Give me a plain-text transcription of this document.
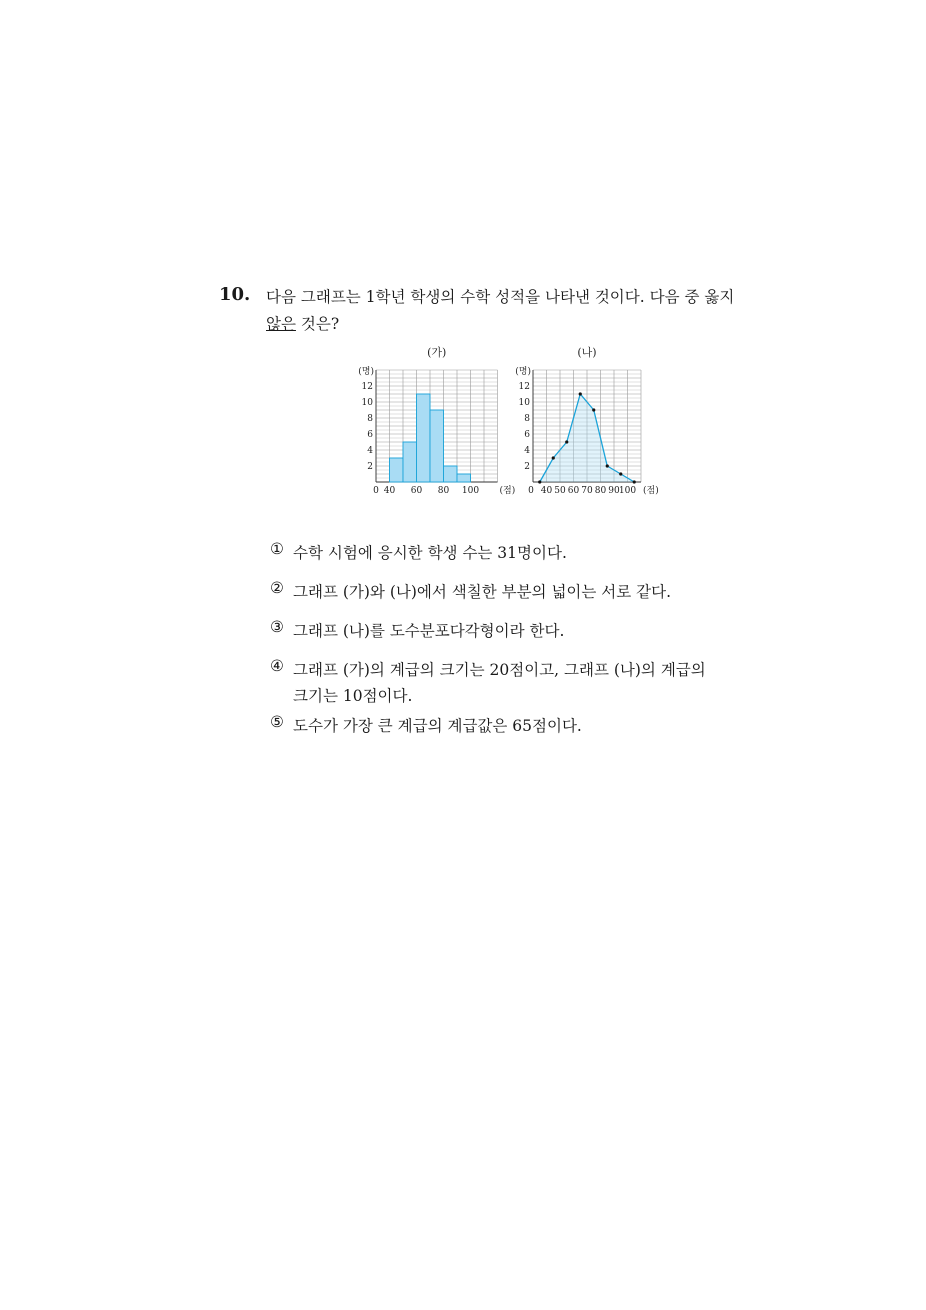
10. 다음 그래프는 1학년 학생의 수학 성적을 나타낸 것이다. 다음 중 옳지
않은 것은?
(가)
(명)
2
4
6
8
10
12
0 40 60 80 100 (점)
(나)
(명)
2
4
6
8
10
12
0 40 50 60 70 80 90 100 (점)
① 수학 시험에 응시한 학생 수는 31명이다.
② 그래프 (가)와 (나)에서 색칠한 부분의 넓이는 서로 같다.
③ 그래프 (나)를 도수분포다각형이라 한다.
④ 그래프 (가)의 계급의 크기는 20점이고, 그래프 (나)의 계급의
크기는 10점이다.
⑤ 도수가 가장 큰 계급의 계급값은 65점이다.
